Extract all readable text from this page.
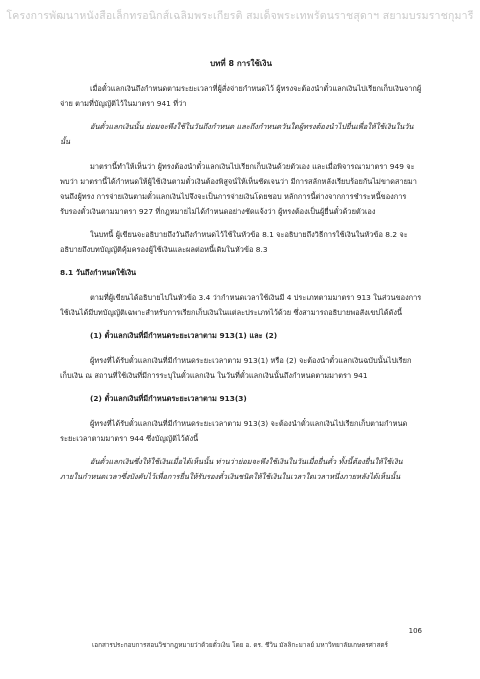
โครงการพัฒนาหนังสือเล็กทรอนิกส์เฉลิมพระเกียรติ สมเด็จพระเทพรัตนราชสุดาฯ สยามบรมราชกุมารี
บทที่ 8 การใช้เงิน

เมื่อตั๋วแลกเงินถึงกำหนดตามระยะเวลาที่ผู้สั่งจ่ายกำหนดไว้ ผู้ทรงจะต้องนำตั๋วแลกเงินไปเรียกเก็บเงินจากผู้จ่าย ตามที่บัญญัติไว้ในมาตรา 941 ที่ว่า

อันตั๋วแลกเงินนั้น ย่อมจะพึงใช้ในวันถึงกำหนด และถึงกำหนดวันใดผู้ทรงต้องนำไปยื่นเพื่อให้ใช้เงินในวันนั้น

มาตรานี้ทำให้เห็นว่า ผู้ทรงต้องนำตั๋วแลกเงินไปเรียกเก็บเงินด้วยตัวเอง และเมื่อพิจารณามาตรา 949 จะพบว่า มาตรานี้ได้กำหนดให้ผู้ใช้เงินตามตั๋วเงินต้องพิสูจน์ให้เห็นชัดเจนว่า มีการสลักหลังเรียบร้อยกันไม่ขาดสายมาจนถึงผู้ทรง การจ่ายเงินตามตั๋วแลกเงินไปจึงจะเป็นการจ่ายเงินโดยชอบ หลักการนี้ต่างจากการชำระหนี้ของการรับรองตั๋วเงินตามมาตรา 927 ที่กฎหมายไม่ได้กำหนดอย่างชัดแจ้งว่า ผู้ทรงต้องเป็นผู้ยื่นตั๋วด้วยตัวเอง

ในบทนี้ ผู้เขียนจะอธิบายถึงวันถึงกำหนดไว้ใช้ในหัวข้อ 8.1 จะอธิบายถึงวิธีการใช้เงินในหัวข้อ 8.2 จะอธิบายถึงบทบัญญัติคุ้มครองผู้ใช้เงินและผลต่อหนี้เดิมในหัวข้อ 8.3

8.1 วันถึงกำหนดใช้เงิน

ตามที่ผู้เขียนได้อธิบายไปในหัวข้อ 3.4 ว่ากำหนดเวลาใช้เงินมี 4 ประเภทตามมาตรา 913 ในส่วนของการใช้เงินได้มีบทบัญญัติเฉพาะสำหรับการเรียกเก็บเงินในแต่ละประเภทไว้ด้วย ซึ่งสามารถอธิบายพอสังเขปได้ดังนี้

(1) ตั๋วแลกเงินที่มีกำหนดระยะเวลาตาม 913(1) และ (2)

ผู้ทรงที่ได้รับตั๋วแลกเงินที่มีกำหนดระยะเวลาตาม 913(1) หรือ (2) จะต้องนำตั๋วแลกเงินฉบับนั้นไปเรียกเก็บเงิน ณ สถานที่ใช้เงินที่มีการระบุในตั๋วแลกเงิน ในวันที่ตั๋วแลกเงินนั้นถึงกำหนดตามมาตรา 941

(2) ตั๋วแลกเงินที่มีกำหนดระยะเวลาตาม 913(3)

ผู้ทรงที่ได้รับตั๋วแลกเงินที่มีกำหนดระยะเวลาตาม 913(3) จะต้องนำตั๋วแลกเงินไปเรียกเก็บตามกำหนดระยะเวลาตามมาตรา 944 ซึ่งบัญญัติไว้ดังนี้

อันตั๋วแลกเงินซึ่งให้ใช้เงินเมื่อได้เห็นนั้น ท่านว่าย่อมจะพึงใช้เงินในวันเมื่อยื่นตั๋ว ทั้งนี้ต้องยื่นให้ใช้เงินภายในกำหนดเวลาซึ่งบังคับไว้เพื่อการยื่นให้รับรองตั๋วเงินชนิดให้ใช้เงินในเวลาใดเวลาหนึ่งภายหลังได้เห็นนั้น

106
เอกสารประกอบการสอนวิชากฎหมายว่าด้วยตั๋วเงิน โดย อ. ดร. ชีวิน มัลลิกะมาลย์ มหาวิทยาลัยเกษตรศาสตร์
